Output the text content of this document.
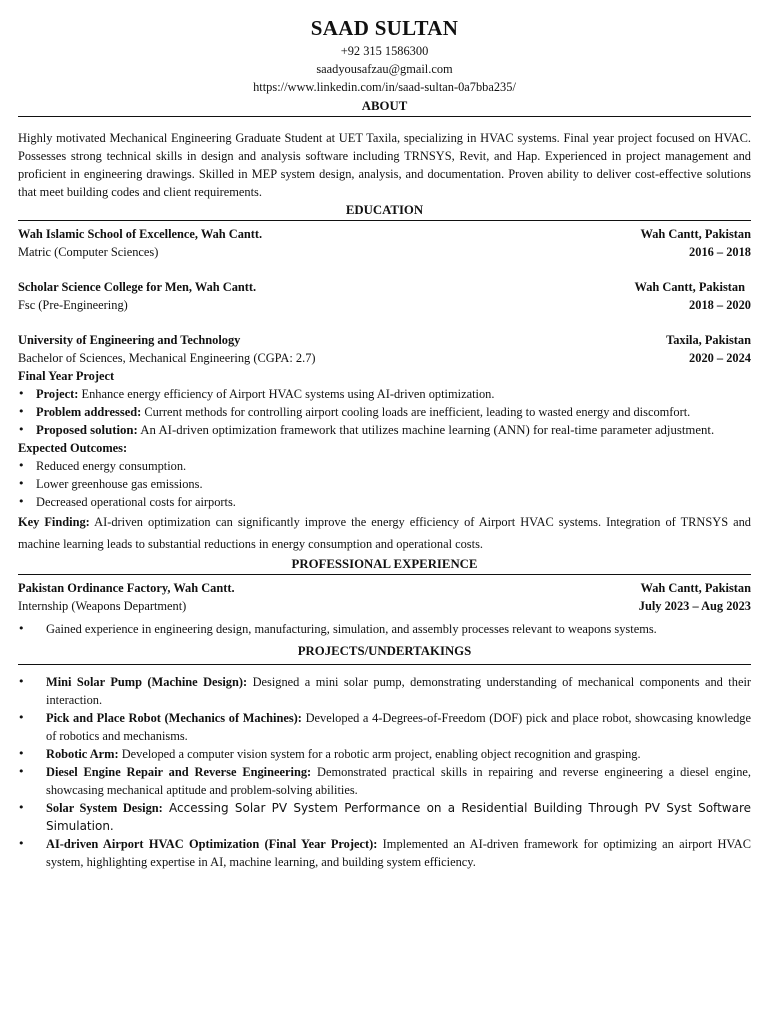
SAAD SULTAN
+92 315 1586300
saadyousafzau@gmail.com
https://www.linkedin.com/in/saad-sultan-0a7bba235/
ABOUT
Highly motivated Mechanical Engineering Graduate Student at UET Taxila, specializing in HVAC systems. Final year project focused on HVAC. Possesses strong technical skills in design and analysis software including TRNSYS, Revit, and Hap. Experienced in project management and proficient in engineering drawings. Skilled in MEP system design, analysis, and documentation. Proven ability to deliver cost-effective solutions that meet building codes and client requirements.
EDUCATION
Wah Islamic School of Excellence, Wah Cantt.	Wah Cantt, Pakistan
Matric (Computer Sciences)	2016 – 2018
Scholar Science College for Men, Wah Cantt.	Wah Cantt, Pakistan
Fsc (Pre-Engineering)	2018 – 2020
University of Engineering and Technology	Taxila, Pakistan
Bachelor of Sciences, Mechanical Engineering (CGPA: 2.7)	2020 – 2024
Final Year Project
• Project: Enhance energy efficiency of Airport HVAC systems using AI-driven optimization.
• Problem addressed: Current methods for controlling airport cooling loads are inefficient, leading to wasted energy and discomfort.
• Proposed solution: An AI-driven optimization framework that utilizes machine learning (ANN) for real-time parameter adjustment.
Expected Outcomes:
• Reduced energy consumption.
• Lower greenhouse gas emissions.
• Decreased operational costs for airports.
Key Finding: AI-driven optimization can significantly improve the energy efficiency of Airport HVAC systems. Integration of TRNSYS and machine learning leads to substantial reductions in energy consumption and operational costs.
PROFESSIONAL EXPERIENCE
Pakistan Ordinance Factory, Wah Cantt.	Wah Cantt, Pakistan
Internship (Weapons Department)	July 2023 – Aug 2023
• Gained experience in engineering design, manufacturing, simulation, and assembly processes relevant to weapons systems.
PROJECTS/UNDERTAKINGS
• Mini Solar Pump (Machine Design): Designed a mini solar pump, demonstrating understanding of mechanical components and their interaction.
• Pick and Place Robot (Mechanics of Machines): Developed a 4-Degrees-of-Freedom (DOF) pick and place robot, showcasing knowledge of robotics and mechanisms.
• Robotic Arm: Developed a computer vision system for a robotic arm project, enabling object recognition and grasping.
• Diesel Engine Repair and Reverse Engineering: Demonstrated practical skills in repairing and reverse engineering a diesel engine, showcasing mechanical aptitude and problem-solving abilities.
• Solar System Design: Accessing Solar PV System Performance on a Residential Building Through PV Syst Software Simulation.
• AI-driven Airport HVAC Optimization (Final Year Project): Implemented an AI-driven framework for optimizing an airport HVAC system, highlighting expertise in AI, machine learning, and building system efficiency.
